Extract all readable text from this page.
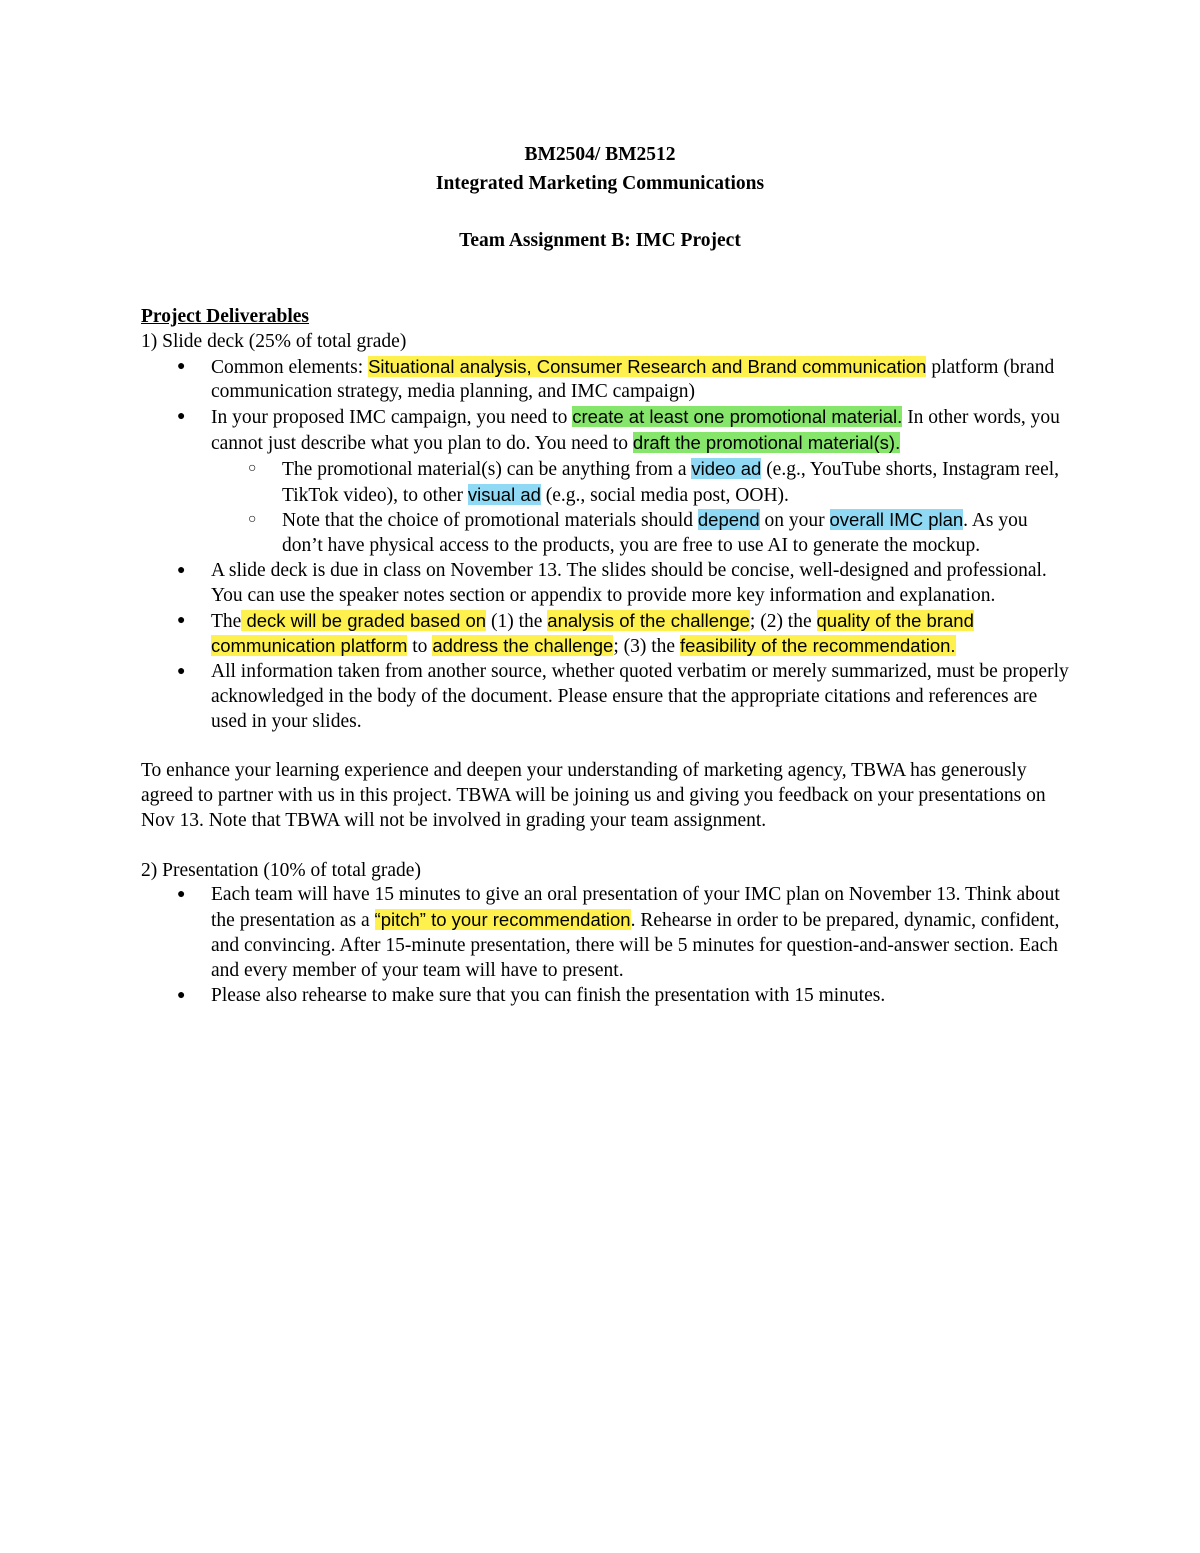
BM2504/ BM2512
Integrated Marketing Communications
Team Assignment B: IMC Project

Project Deliverables

1) Slide deck (25% of total grade)

● Common elements: Situational analysis, Consumer Research and Brand communication platform (brand communication strategy, media planning, and IMC campaign)
● In your proposed IMC campaign, you need to create at least one promotional material. In other words, you cannot just describe what you plan to do. You need to draft the promotional material(s).
○ The promotional material(s) can be anything from a video ad (e.g., YouTube shorts, Instagram reel, TikTok video), to other visual ad (e.g., social media post, OOH).
○ Note that the choice of promotional materials should depend on your overall IMC plan. As you don’t have physical access to the products, you are free to use AI to generate the mockup.
● A slide deck is due in class on November 13. The slides should be concise, well-designed and professional. You can use the speaker notes section or appendix to provide more key information and explanation.
● The deck will be graded based on (1) the analysis of the challenge; (2) the quality of the brand communication platform to address the challenge; (3) the feasibility of the recommendation.
● All information taken from another source, whether quoted verbatim or merely summarized, must be properly acknowledged in the body of the document. Please ensure that the appropriate citations and references are used in your slides.

To enhance your learning experience and deepen your understanding of marketing agency, TBWA has generously agreed to partner with us in this project. TBWA will be joining us and giving you feedback on your presentations on Nov 13. Note that TBWA will not be involved in grading your team assignment.

2) Presentation (10% of total grade)

● Each team will have 15 minutes to give an oral presentation of your IMC plan on November 13. Think about the presentation as a “pitch” to your recommendation. Rehearse in order to be prepared, dynamic, confident, and convincing. After 15-minute presentation, there will be 5 minutes for question-and-answer section. Each and every member of your team will have to present.
● Please also rehearse to make sure that you can finish the presentation with 15 minutes.
